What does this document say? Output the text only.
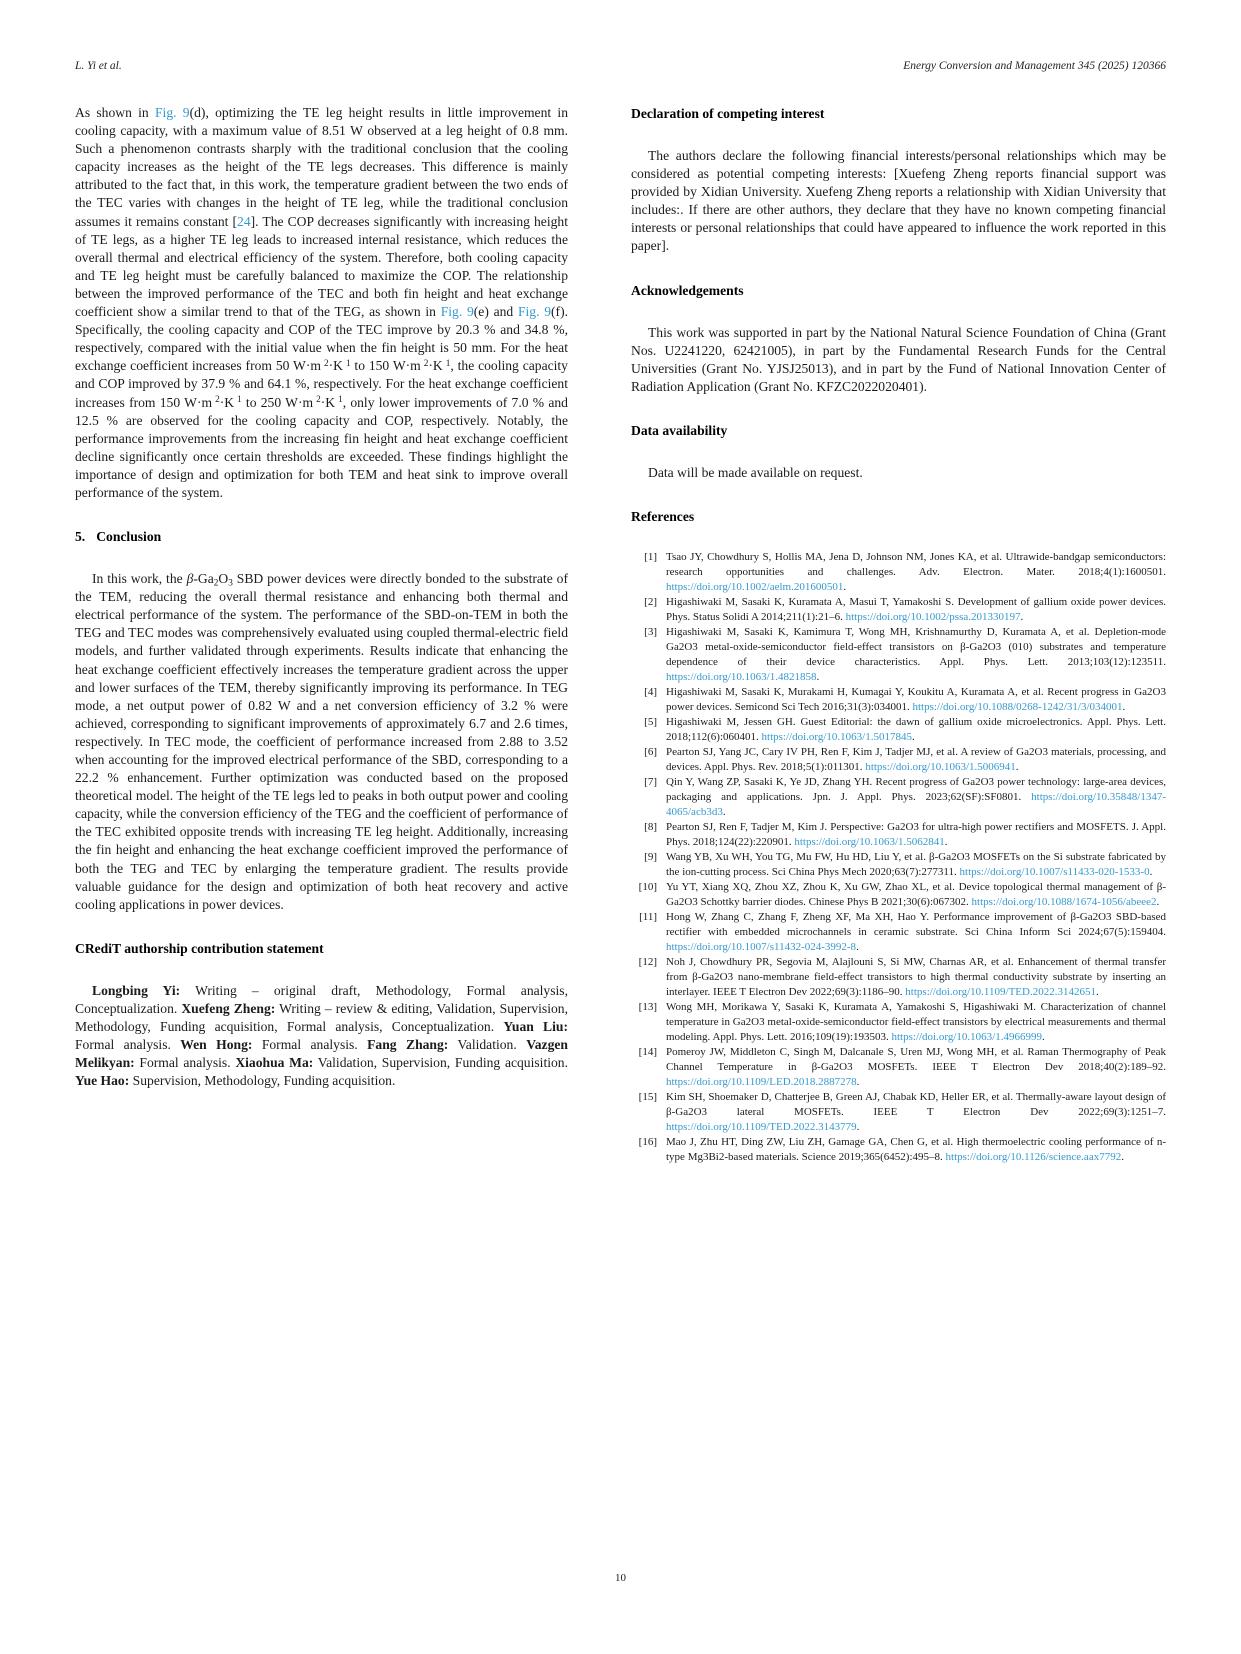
L. Yi et al.	Energy Conversion and Management 345 (2025) 120366

As shown in Fig. 9(d), optimizing the TE leg height results in little improvement in cooling capacity, with a maximum value of 8.51 W observed at a leg height of 0.8 mm. Such a phenomenon contrasts sharply with the traditional conclusion that the cooling capacity increases as the height of the TE legs decreases. This difference is mainly attributed to the fact that, in this work, the temperature gradient between the two ends of the TEC varies with changes in the height of TE leg, while the traditional conclusion assumes it remains constant [24]. The COP decreases significantly with increasing height of TE legs, as a higher TE leg leads to increased internal resistance, which reduces the overall thermal and electrical efficiency of the system. Therefore, both cooling capacity and TE leg height must be carefully balanced to maximize the COP. The relationship between the improved performance of the TEC and both fin height and heat exchange coefficient show a similar trend to that of the TEG, as shown in Fig. 9(e) and Fig. 9(f). Specifically, the cooling capacity and COP of the TEC improve by 20.3 % and 34.8 %, respectively, compared with the initial value when the fin height is 50 mm. For the heat exchange coefficient increases from 50 W·m $^2$·K $^1$ to 150 W·m $^2$·K $^1$, the cooling capacity and COP improved by 37.9 % and 64.1 %, respectively. For the heat exchange coefficient increases from 150 W·m $^2$·K $^1$ to 250 W·m $^2$·K $^1$, only lower improvements of 7.0 % and 12.5 % are observed for the cooling capacity and COP, respectively. Notably, the performance improvements from the increasing fin height and heat exchange coefficient decline significantly once certain thresholds are exceeded. These findings highlight the importance of design and optimization for both TEM and heat sink to improve overall performance of the system.

5. Conclusion

In this work, the β-Ga2O3 SBD power devices were directly bonded to the substrate of the TEM, reducing the overall thermal resistance and enhancing both thermal and electrical performance of the system. The performance of the SBD-on-TEM in both the TEG and TEC modes was comprehensively evaluated using coupled thermal-electric field models, and further validated through experiments. Results indicate that enhancing the heat exchange coefficient effectively increases the temperature gradient across the upper and lower surfaces of the TEM, thereby significantly improving its performance. In TEG mode, a net output power of 0.82 W and a net conversion efficiency of 3.2 % were achieved, corresponding to significant improvements of approximately 6.7 and 2.6 times, respectively. In TEC mode, the coefficient of performance increased from 2.88 to 3.52 when accounting for the improved electrical performance of the SBD, corresponding to a 22.2 % enhancement. Further optimization was conducted based on the proposed theoretical model. The height of the TE legs led to peaks in both output power and cooling capacity, while the conversion efficiency of the TEG and the coefficient of performance of the TEC exhibited opposite trends with increasing TE leg height. Additionally, increasing the fin height and enhancing the heat exchange coefficient improved the performance of both the TEG and TEC by enlarging the temperature gradient. The results provide valuable guidance for the design and optimization of both heat recovery and active cooling applications in power devices.

CRediT authorship contribution statement

Longbing Yi: Writing – original draft, Methodology, Formal analysis, Conceptualization. Xuefeng Zheng: Writing – review & editing, Validation, Supervision, Methodology, Funding acquisition, Formal analysis, Conceptualization. Yuan Liu: Formal analysis. Wen Hong: Formal analysis. Fang Zhang: Validation. Vazgen Melikyan: Formal analysis. Xiaohua Ma: Validation, Supervision, Funding acquisition. Yue Hao: Supervision, Methodology, Funding acquisition.

Declaration of competing interest

The authors declare the following financial interests/personal relationships which may be considered as potential competing interests: [Xuefeng Zheng reports financial support was provided by Xidian University. Xuefeng Zheng reports a relationship with Xidian University that includes:. If there are other authors, they declare that they have no known competing financial interests or personal relationships that could have appeared to influence the work reported in this paper].

Acknowledgements

This work was supported in part by the National Natural Science Foundation of China (Grant Nos. U2241220, 62421005), in part by the Fundamental Research Funds for the Central Universities (Grant No. YJSJ25013), and in part by the Fund of National Innovation Center of Radiation Application (Grant No. KFZC2022020401).

Data availability

Data will be made available on request.

References
[1] Tsao JY, Chowdhury S, Hollis MA, Jena D, Johnson NM, Jones KA, et al. Ultrawide-bandgap semiconductors: research opportunities and challenges. Adv. Electron. Mater. 2018;4(1):1600501. https://doi.org/10.1002/aelm.201600501.
[2] Higashiwaki M, Sasaki K, Kuramata A, Masui T, Yamakoshi S. Development of gallium oxide power devices. Phys. Status Solidi A 2014;211(1):21–6. https://doi.org/10.1002/pssa.201330197.
[3] Higashiwaki M, Sasaki K, Kamimura T, Wong MH, Krishnamurthy D, Kuramata A, et al. Depletion-mode Ga2O3 metal-oxide-semiconductor field-effect transistors on β-Ga2O3 (010) substrates and temperature dependence of their device characteristics. Appl. Phys. Lett. 2013;103(12):123511. https://doi.org/10.1063/1.4821858.
[4] Higashiwaki M, Sasaki K, Murakami H, Kumagai Y, Koukitu A, Kuramata A, et al. Recent progress in Ga2O3 power devices. Semicond Sci Tech 2016;31(3):034001. https://doi.org/10.1088/0268-1242/31/3/034001.
[5] Higashiwaki M, Jessen GH. Guest Editorial: the dawn of gallium oxide microelectronics. Appl. Phys. Lett. 2018;112(6):060401. https://doi.org/10.1063/1.5017845.
[6] Pearton SJ, Yang JC, Cary IV PH, Ren F, Kim J, Tadjer MJ, et al. A review of Ga2O3 materials, processing, and devices. Appl. Phys. Rev. 2018;5(1):011301. https://doi.org/10.1063/1.5006941.
[7] Qin Y, Wang ZP, Sasaki K, Ye JD, Zhang YH. Recent progress of Ga2O3 power technology: large-area devices, packaging and applications. Jpn. J. Appl. Phys. 2023;62(SF):SF0801. https://doi.org/10.35848/1347-4065/acb3d3.
[8] Pearton SJ, Ren F, Tadjer M, Kim J. Perspective: Ga2O3 for ultra-high power rectifiers and MOSFETS. J. Appl. Phys. 2018;124(22):220901. https://doi.org/10.1063/1.5062841.
[9] Wang YB, Xu WH, You TG, Mu FW, Hu HD, Liu Y, et al. β-Ga2O3 MOSFETs on the Si substrate fabricated by the ion-cutting process. Sci China Phys Mech 2020;63(7):277311. https://doi.org/10.1007/s11433-020-1533-0.
[10] Yu YT, Xiang XQ, Zhou XZ, Zhou K, Xu GW, Zhao XL, et al. Device topological thermal management of β-Ga2O3 Schottky barrier diodes. Chinese Phys B 2021;30(6):067302. https://doi.org/10.1088/1674-1056/abeee2.
[11] Hong W, Zhang C, Zhang F, Zheng XF, Ma XH, Hao Y. Performance improvement of β-Ga2O3 SBD-based rectifier with embedded microchannels in ceramic substrate. Sci China Inform Sci 2024;67(5):159404. https://doi.org/10.1007/s11432-024-3992-8.
[12] Noh J, Chowdhury PR, Segovia M, Alajlouni S, Si MW, Charnas AR, et al. Enhancement of thermal transfer from β-Ga2O3 nano-membrane field-effect transistors to high thermal conductivity substrate by inserting an interlayer. IEEE T Electron Dev 2022;69(3):1186–90. https://doi.org/10.1109/TED.2022.3142651.
[13] Wong MH, Morikawa Y, Sasaki K, Kuramata A, Yamakoshi S, Higashiwaki M. Characterization of channel temperature in Ga2O3 metal-oxide-semiconductor field-effect transistors by electrical measurements and thermal modeling. Appl. Phys. Lett. 2016;109(19):193503. https://doi.org/10.1063/1.4966999.
[14] Pomeroy JW, Middleton C, Singh M, Dalcanale S, Uren MJ, Wong MH, et al. Raman Thermography of Peak Channel Temperature in β-Ga2O3 MOSFETs. IEEE T Electron Dev 2018;40(2):189–92. https://doi.org/10.1109/LED.2018.2887278.
[15] Kim SH, Shoemaker D, Chatterjee B, Green AJ, Chabak KD, Heller ER, et al. Thermally-aware layout design of β-Ga2O3 lateral MOSFETs. IEEE T Electron Dev 2022;69(3):1251–7. https://doi.org/10.1109/TED.2022.3143779.
[16] Mao J, Zhu HT, Ding ZW, Liu ZH, Gamage GA, Chen G, et al. High thermoelectric cooling performance of n-type Mg3Bi2-based materials. Science 2019;365(6452):495–8. https://doi.org/10.1126/science.aax7792.
10
